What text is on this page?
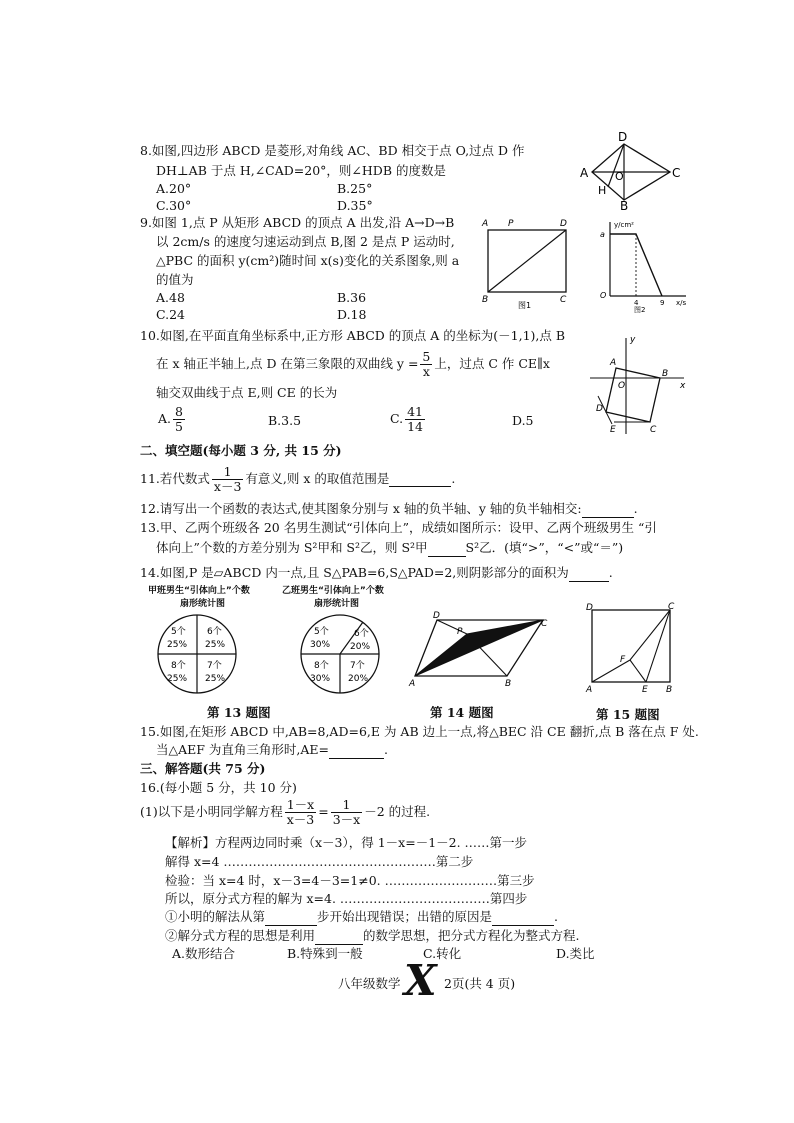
8.如图,四边形 ABCD 是菱形,对角线 AC、BD 相交于点 O,过点 D 作
DH⊥AB 于点 H,∠CAD=20°，则∠HDB 的度数是
A.20°	B.25°
C.30°	D.35°
D
A O	C
H
B
9.如图 1,点 P 从矩形 ABCD 的顶点 A 出发,沿 A→D→B
以 2cm/s 的速度匀速运动到点 B,图 2 是点 P 运动时,
△PBC 的面积 y(cm²)随时间 x(s)变化的关系图象,则 a
的值为
A.48	B.36
C.24	D.18
A P	D
B	C
图1
y/cm²
a
O
4	9 x/s
图2
10.如图,在平面直角坐标系中,正方形 ABCD 的顶点 A 的坐标为(－1,1),点 B
在 x 轴正半轴上,点 D 在第三象限的双曲线 $y = \frac{5}{x}$ 上，过点 C 作 CE∥x
轴交双曲线于点 E,则 CE 的长为
A. $\frac{8}{5}$	B.3.5	C. $\frac{41}{14}$	D.5
y
A
O
B
x
D
E	C
二、填空题(每小题 3 分, 共 15 分)
11.若代数式 $\frac{1}{x-3}$ 有意义,则 x 的取值范围是	.
12.请写出一个函数的表达式,使其图象分别与 x 轴的负半轴、y 轴的负半轴相交:	.
13.甲、乙两个班级各 20 名男生测试“引体向上”，成绩如图所示：设甲、乙两个班级男生 “引
体向上”个数的方差分别为 S²甲和 S²乙，则 S²甲	S²乙．(填“>”，“<”或“＝”)
14.如图,P 是▱ABCD 内一点,且 S△PAB=6,S△PAD=2,则阴影部分的面积为	.
甲班男生“引体向上”个数
扇形统计图
5个
25%
6个
25%
8个
25%
7个
25%
乙班男生“引体向上”个数
扇形统计图
5个
30%
6个
20%
8个
30%
7个
20%
D
P
C
A	B
D	C
F
A	E B
第 13 题图	第 14 题图	第 15 题图
15.如图,在矩形 ABCD 中,AB=8,AD=6,E 为 AB 边上一点,将△BEC 沿 CE 翻折,点 B 落在点 F 处.
当△AEF 为直角三角形时,AE=	.
三、解答题(共 75 分)
16.(每小题 5 分，共 10 分)
(1)以下是小明同学解方程 $\frac{1-x}{x-3} = \frac{1}{3-x} -2$ 的过程.
【解析】方程两边同时乘（x－3），得 1－x=－1－2. ……第一步
解得 x=4 ……………………………………………第二步
检验：当 x=4 时，x－3=4－3=1≠0. ………………………第三步
所以，原分式方程的解为 x=4. ………………………………第四步
①小明的解法从第	步开始出现错误；出错的原因是	.
②解分式方程的思想是利用	的数学思想，把分式方程化为整式方程.
A.数形结合	B.特殊到一般	C.转化	D.类比
八年级数学 X 2页(共 4 页)
